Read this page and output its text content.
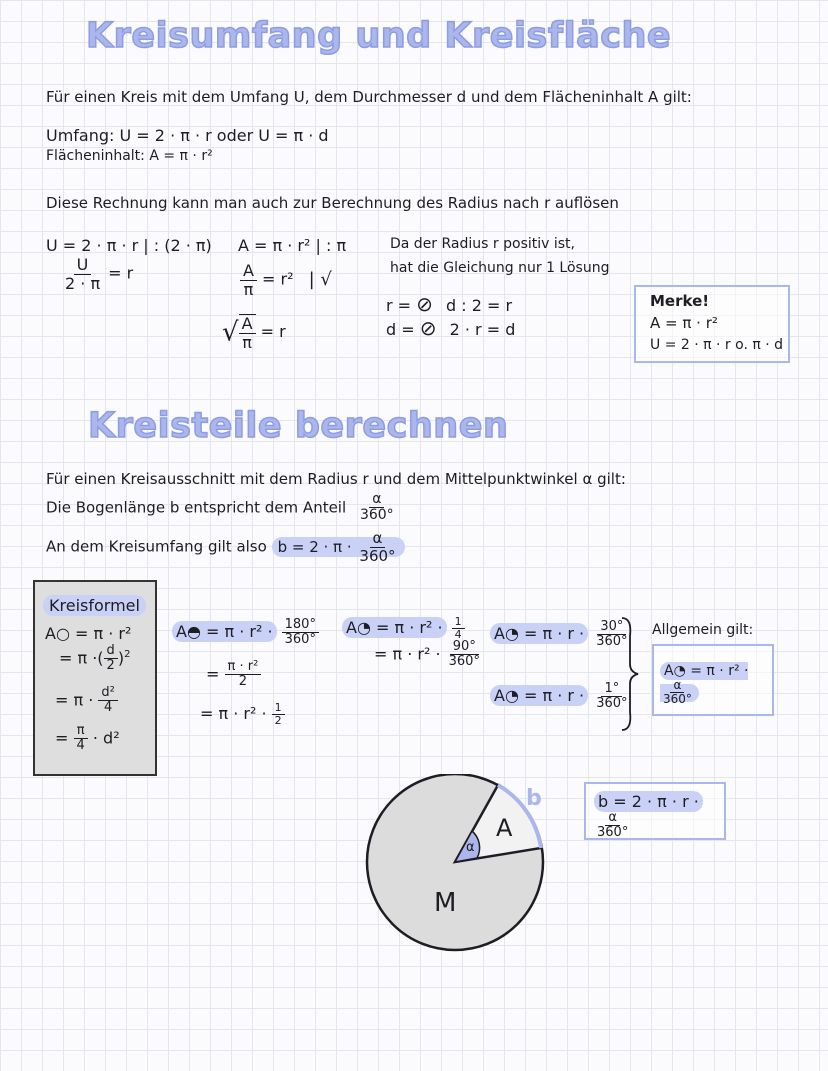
Kreisumfang und Kreisfläche
Für einen Kreis mit dem Umfang U, dem Durchmesser d und dem Flächeninhalt A gilt:
Umfang: U = 2 · π · r oder U = π · d
Flächeninhalt: A = π · r²
Diese Rechnung kann man auch zur Berechnung des Radius nach r auflösen
U = 2 · π · r | : (2 · π)
$\frac{U}{2 \cdot \pi} = r$
A = π · r² | : π
$\frac{A}{\pi} = r^2$ | √
√ $\frac{A}{\pi} = r$
Da der Radius r positiv ist,
hat die Gleichung nur 1 Lösung
r = ⊘ d : 2 = r
d = ⊘ 2 · r = d
Merke!
A = π · r²
U = 2 · π · r o. π · d
Kreisteile berechnen
Für einen Kreisausschnitt mit dem Radius r und dem Mittelpunktwinkel α gilt:
Die Bogenlänge b entspricht dem Anteil $\frac{\alpha}{360^\circ}$
An dem Kreisumfang gilt also $b = 2 \cdot \pi \cdot \frac{\alpha}{360^\circ}$
Kreisformel
A○ = π · r²
= π ·( $\frac{d}{2} )^2$
= $\pi \cdot \frac{\text{d²}}{4}$
= $\frac{\pi}{4} \cdot d^2$
A◓ = $\pi \cdot r^2 \cdot \frac{180^\circ}{360^\circ}$
= $\frac{\text{π · r²}}{2}$
= $\pi \cdot r^2 \cdot \frac{1}{2}$
A◔ = $\pi \cdot r^2 \cdot \frac{1}{4}$
= $\pi \cdot r^2 \cdot \frac{90^\circ}{360^\circ}$
A◔ = $\pi \cdot r \cdot \frac{30^\circ}{360^\circ}$
A◔ = $\pi \cdot r \cdot \frac{1^\circ}{360^\circ}$
Allgemein gilt:
A◔ = π · r² ·
$\frac{\alpha}{360^\circ}$
b
A
α
M
b = 2 · π · r ·
$\frac{\alpha}{360^\circ}$
